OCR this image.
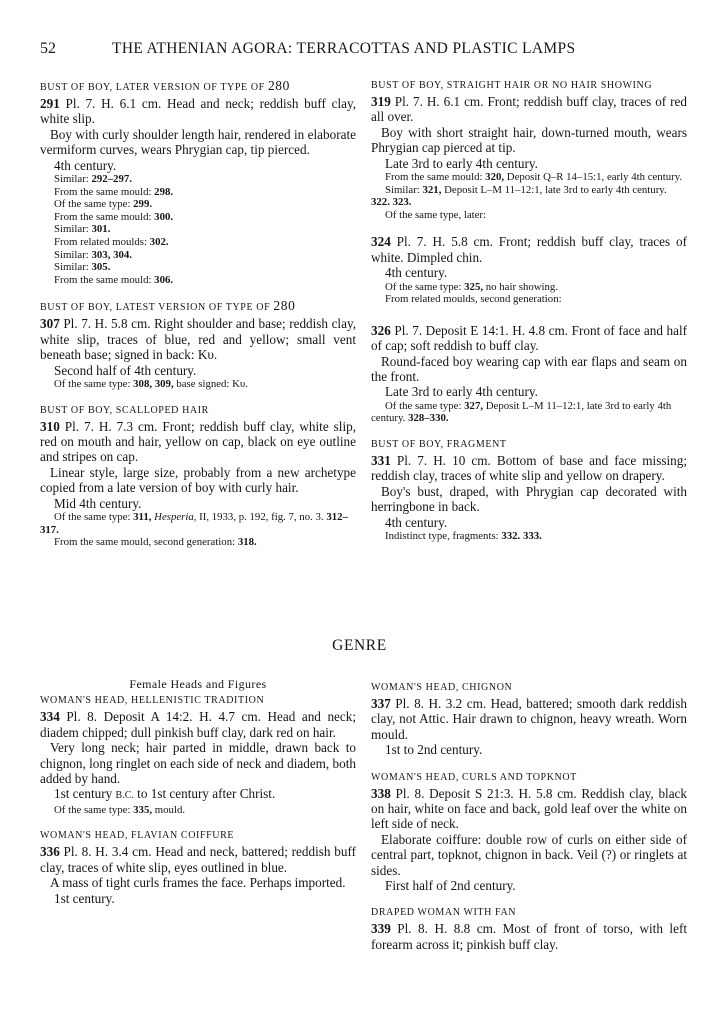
52	THE ATHENIAN AGORA: TERRACOTTAS AND PLASTIC LAMPS
BUST OF BOY, LATER VERSION OF TYPE OF 280
291 Pl. 7. H. 6.1 cm. Head and neck; reddish buff clay, white slip.
Boy with curly shoulder length hair, rendered in elaborate vermiform curves, wears Phrygian cap, tip pierced.
4th century.
Similar: 292–297.
From the same mould: 298.
Of the same type: 299.
From the same mould: 300.
Similar: 301.
From related moulds: 302.
Similar: 303, 304.
Similar: 305.
From the same mould: 306.
BUST OF BOY, LATEST VERSION OF TYPE OF 280
307 Pl. 7. H. 5.8 cm. Right shoulder and base; reddish clay, white slip, traces of blue, red and yellow; small vent beneath base; signed in back: Κυ.
Second half of 4th century.
Of the same type: 308, 309, base signed: Κυ.
BUST OF BOY, SCALLOPED HAIR
310 Pl. 7. H. 7.3 cm. Front; reddish buff clay, white slip, red on mouth and hair, yellow on cap, black on eye outline and stripes on cap.
Linear style, large size, probably from a new archetype copied from a late version of boy with curly hair.
Mid 4th century.
Of the same type: 311, Hesperia, II, 1933, p. 192, fig. 7, no. 3. 312–317.
From the same mould, second generation: 318.
BUST OF BOY, STRAIGHT HAIR OR NO HAIR SHOWING
319 Pl. 7. H. 6.1 cm. Front; reddish buff clay, traces of red all over.
Boy with short straight hair, down-turned mouth, wears Phrygian cap pierced at tip.
Late 3rd to early 4th century.
From the same mould: 320, Deposit Q–R 14–15:1, early 4th century.
Similar: 321, Deposit L–M 11–12:1, late 3rd to early 4th century. 322. 323.
Of the same type, later:
324 Pl. 7. H. 5.8 cm. Front; reddish buff clay, traces of white. Dimpled chin.
4th century.
Of the same type: 325, no hair showing.
From related moulds, second generation:
326 Pl. 7. Deposit E 14:1. H. 4.8 cm. Front of face and half of cap; soft reddish to buff clay.
Round-faced boy wearing cap with ear flaps and seam on the front.
Late 3rd to early 4th century.
Of the same type: 327, Deposit L–M 11–12:1, late 3rd to early 4th century. 328–330.
BUST OF BOY, FRAGMENT
331 Pl. 7. H. 10 cm. Bottom of base and face missing; reddish clay, traces of white slip and yellow on drapery.
Boy's bust, draped, with Phrygian cap decorated with herringbone in back.
4th century.
Indistinct type, fragments: 332. 333.
GENRE
Female Heads and Figures
WOMAN'S HEAD, HELLENISTIC TRADITION
334 Pl. 8. Deposit A 14:2. H. 4.7 cm. Head and neck; diadem chipped; dull pinkish buff clay, dark red on hair.
Very long neck; hair parted in middle, drawn back to chignon, long ringlet on each side of neck and diadem, both added by hand.
1st century B.C. to 1st century after Christ.
Of the same type: 335, mould.
WOMAN'S HEAD, FLAVIAN COIFFURE
336 Pl. 8. H. 3.4 cm. Head and neck, battered; reddish buff clay, traces of white slip, eyes outlined in blue.
A mass of tight curls frames the face. Perhaps imported.
1st century.
WOMAN'S HEAD, CHIGNON
337 Pl. 8. H. 3.2 cm. Head, battered; smooth dark reddish clay, not Attic. Hair drawn to chignon, heavy wreath. Worn mould.
1st to 2nd century.
WOMAN'S HEAD, CURLS AND TOPKNOT
338 Pl. 8. Deposit S 21:3. H. 5.8 cm. Reddish clay, black on hair, white on face and back, gold leaf over the white on left side of neck.
Elaborate coiffure: double row of curls on either side of central part, topknot, chignon in back. Veil (?) or ringlets at sides.
First half of 2nd century.
DRAPED WOMAN WITH FAN
339 Pl. 8. H. 8.8 cm. Most of front of torso, with left forearm across it; pinkish buff clay.
